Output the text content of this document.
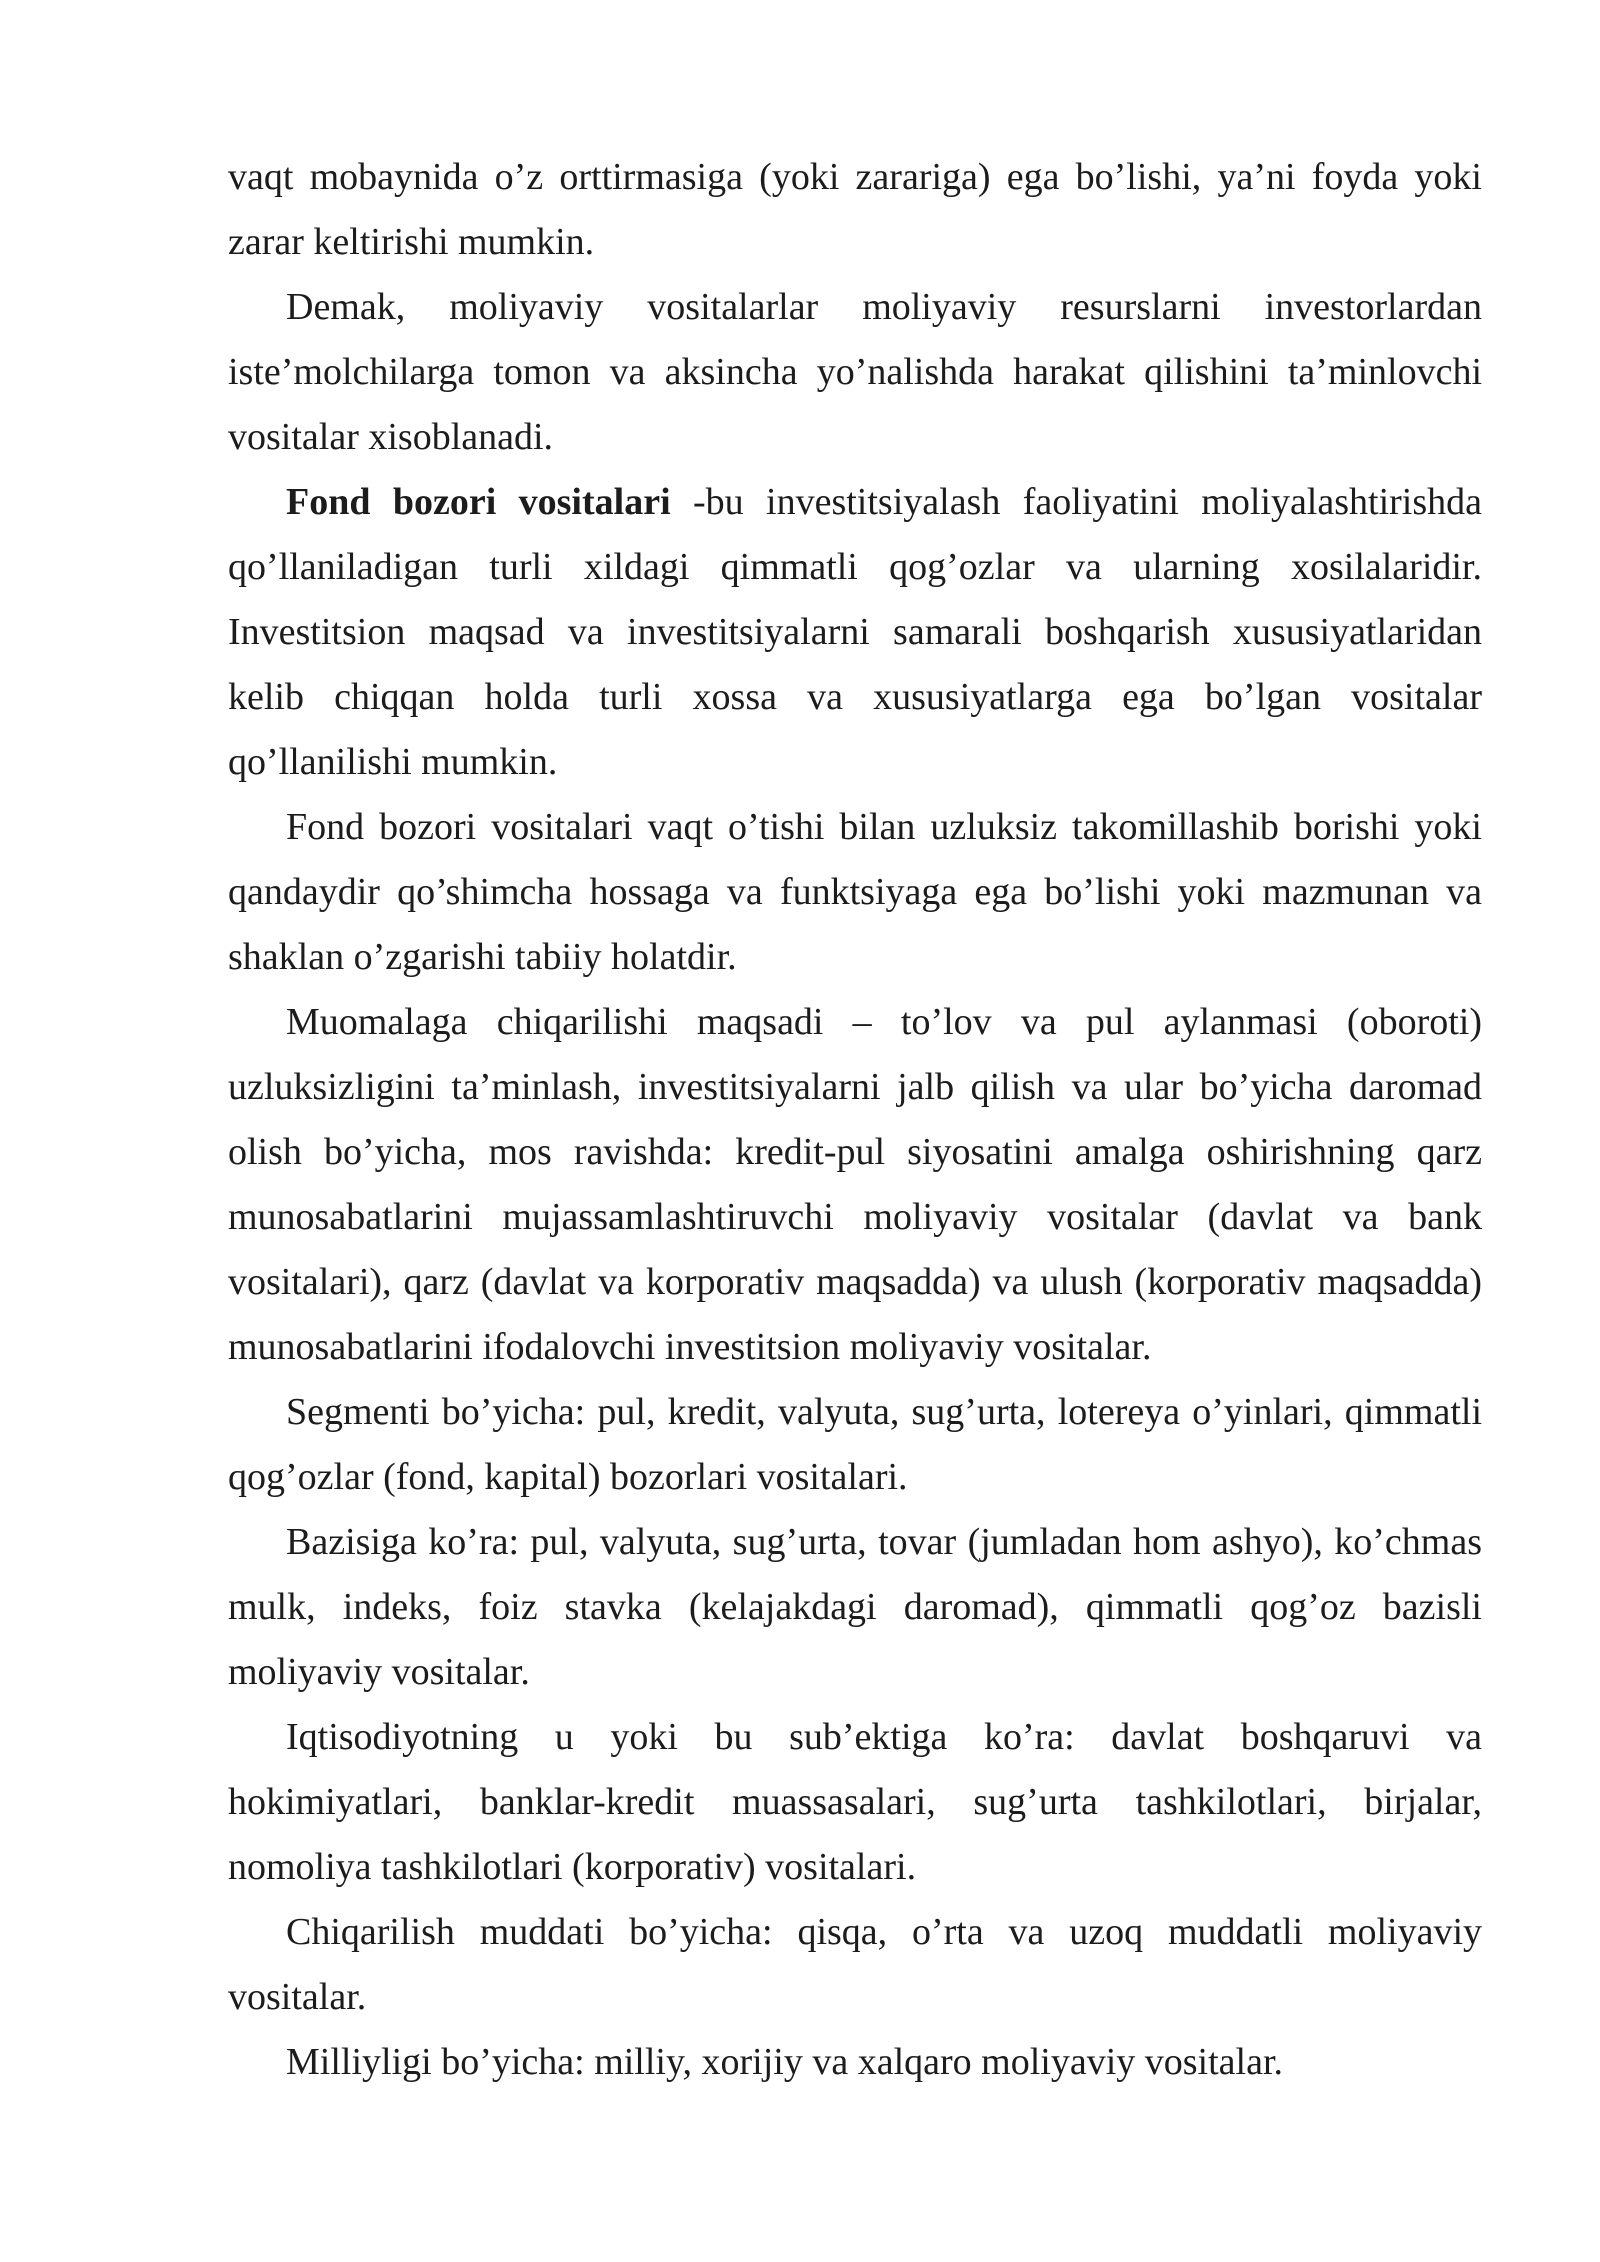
vaqt mobaynida o’z orttirmasiga (yoki zarariga) ega bo’lishi, ya’ni foyda yoki zarar keltirishi mumkin.

Demak, moliyaviy vositalarlar moliyaviy resurslarni investorlardan iste’molchilarga tomon va aksincha yo’nalishda harakat qilishini ta’minlovchi vositalar xisoblanadi.

Fond bozori vositalari -bu investitsiyalash faoliyatini moliyalashtirishda qo’llaniladigan turli xildagi qimmatli qog’ozlar va ularning xosilalaridir. Investitsion maqsad va investitsiyalarni samarali boshqarish xususiyatlaridan kelib chiqqan holda turli xossa va xususiyatlarga ega bo’lgan vositalar qo’llanilishi mumkin.

Fond bozori vositalari vaqt o’tishi bilan uzluksiz takomillashib borishi yoki qandaydir qo’shimcha hossaga va funktsiyaga ega bo’lishi yoki mazmunan va shaklan o’zgarishi tabiiy holatdir.

Muomalaga chiqarilishi maqsadi – to’lov va pul aylanmasi (oboroti) uzluksizligini ta’minlash, investitsiyalarni jalb qilish va ular bo’yicha daromad olish bo’yicha, mos ravishda: kredit-pul siyosatini amalga oshirishning qarz munosabatlarini mujassamlashtiruvchi moliyaviy vositalar (davlat va bank vositalari), qarz (davlat va korporativ maqsadda) va ulush (korporativ maqsadda) munosabatlarini ifodalovchi investitsion moliyaviy vositalar.

Segmenti bo’yicha: pul, kredit, valyuta, sug’urta, lotereya o’yinlari, qimmatli qog’ozlar (fond, kapital) bozorlari vositalari.

Bazisiga ko’ra: pul, valyuta, sug’urta, tovar (jumladan hom ashyo), ko’chmas mulk, indeks, foiz stavka (kelajakdagi daromad), qimmatli qog’oz bazisli moliyaviy vositalar.

Iqtisodiyotning u yoki bu sub’ektiga ko’ra: davlat boshqaruvi va hokimiyatlari, banklar-kredit muassasalari, sug’urta tashkilotlari, birjalar, nomoliya tashkilotlari (korporativ) vositalari.

Chiqarilish muddati bo’yicha: qisqa, o’rta va uzoq muddatli moliyaviy vositalar.

Milliyligi bo’yicha: milliy, xorijiy va xalqaro moliyaviy vositalar.
